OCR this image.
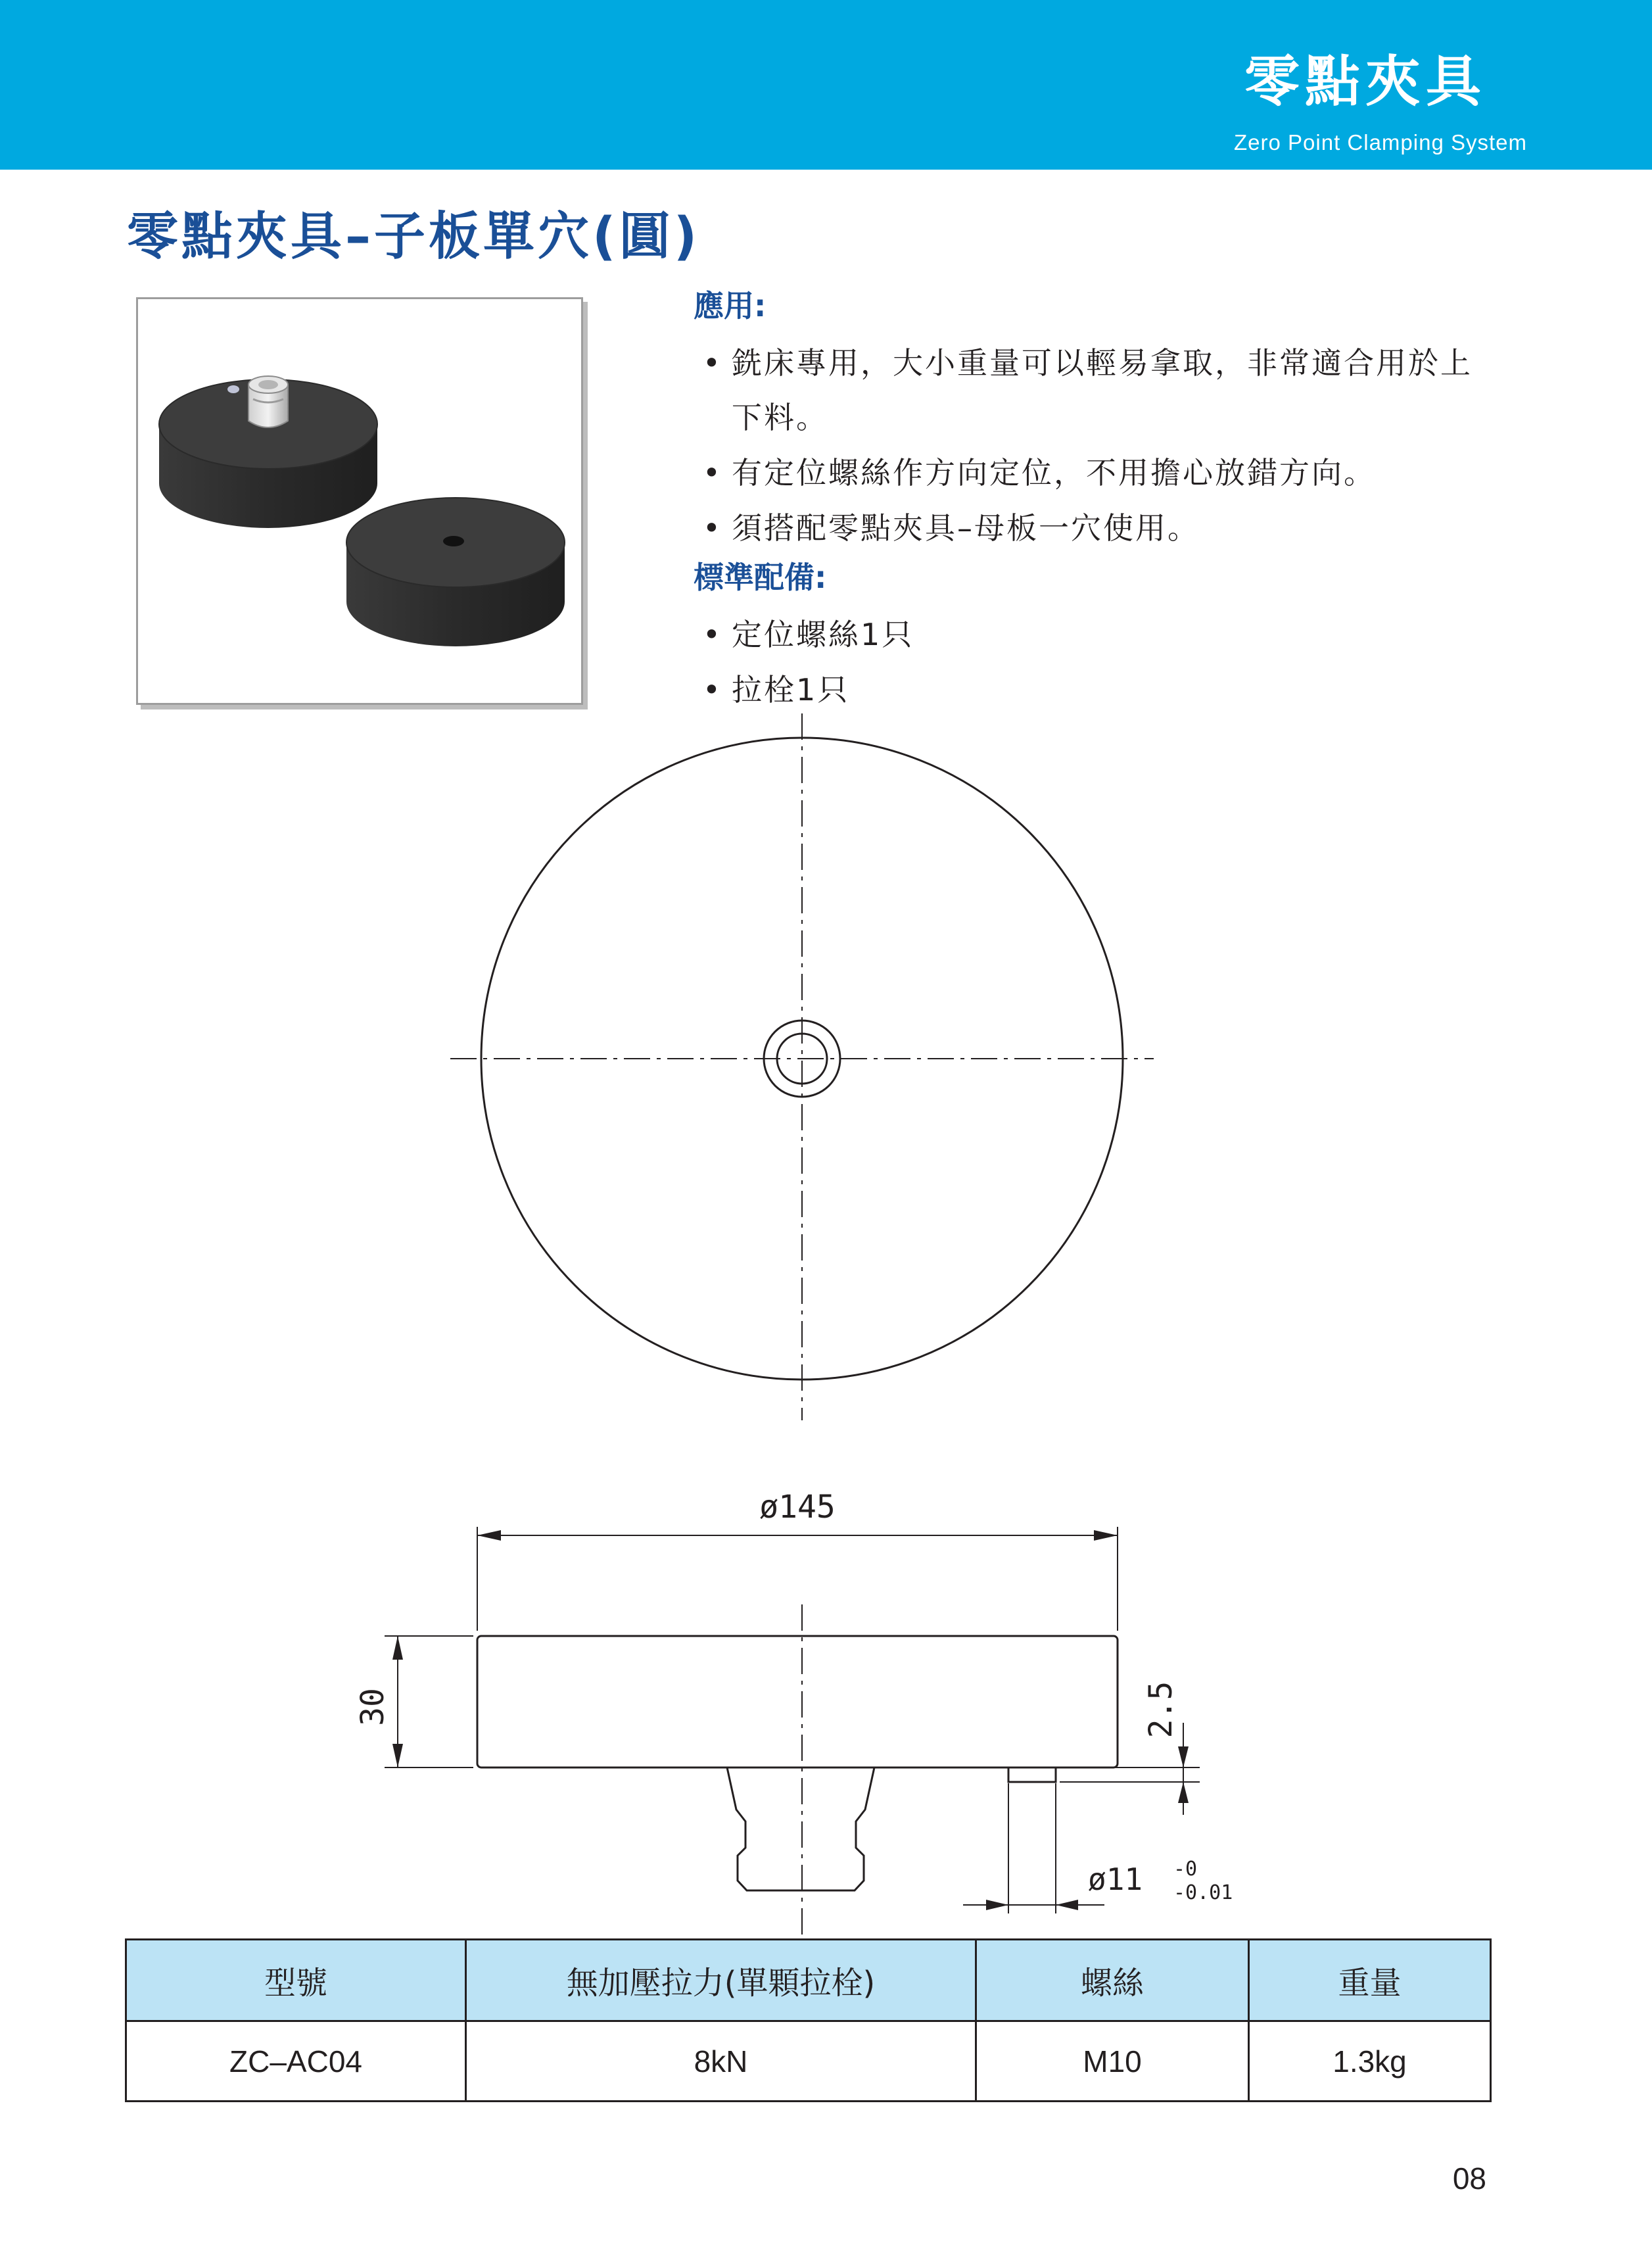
零點夾具
Zero Point Clamping System
零點夾具–子板單穴(圓)
應用:
• 銑床專用，大小重量可以輕易拿取，非常適合用於上下料。
• 有定位螺絲作方向定位，不用擔心放錯方向。
• 須搭配零點夾具–母板一穴使用。
標準配備:
• 定位螺絲1只
• 拉栓1只
ø145
30	2.5
ø11 -0
-0.01
型號	無加壓拉力(單顆拉栓)	螺絲	重量
ZC–AC04	8kN	M10	1.3kg
08
